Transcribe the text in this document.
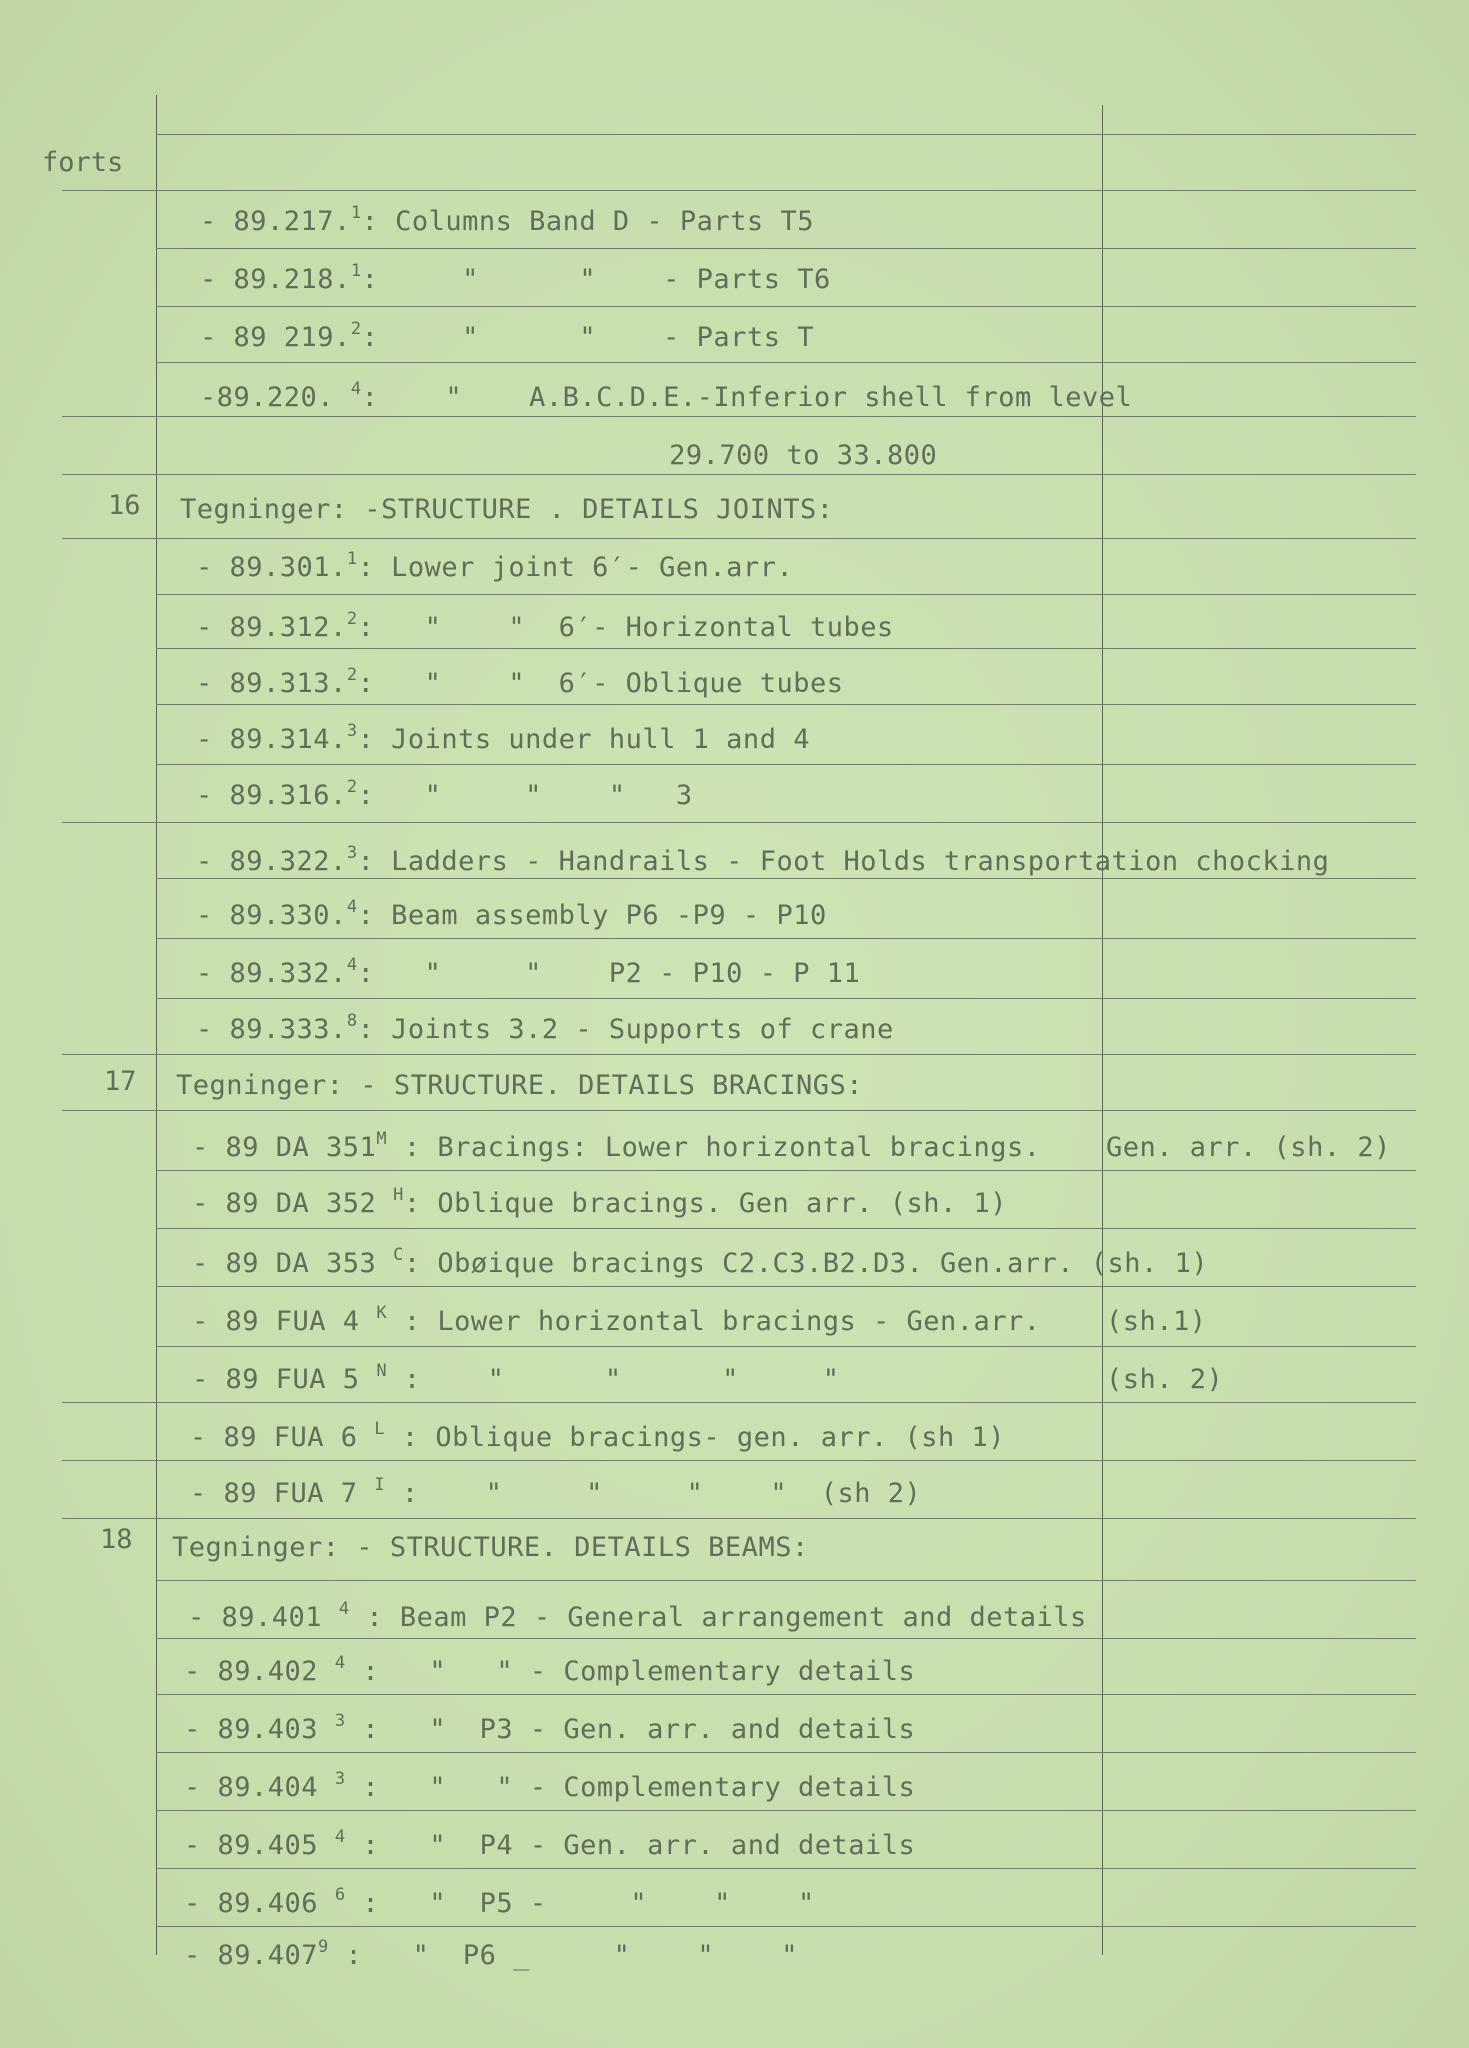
forts
- 89.217.$^1$: Columns Band D - Parts T5
- 89.218.$^1$:     "      "    - Parts T6
- 89 219.$^2$:     "      "    - Parts T
-89.220. $^4$:    "    A.B.C.D.E.-Inferior shell from level
29.700 to 33.800
16 Tegninger: -STRUCTURE . DETAILS JOINTS:
- 89.301.$^1$: Lower joint 6′- Gen.arr.
- 89.312.$^2$:   "    "  6′- Horizontal tubes
- 89.313.$^2$:   "    "  6′- Oblique tubes
- 89.314.$^3$: Joints under hull 1 and 4
- 89.316.$^2$:   "     "    "   3
- 89.322.$^3$: Ladders - Handrails - Foot Holds transportation chocking
- 89.330.$^4$: Beam assembly P6 -P9 - P10
- 89.332.$^4$:   "     "    P2 - P10 - P 11
- 89.333.$^8$: Joints 3.2 - Supports of crane
17 Tegninger: - STRUCTURE. DETAILS BRACINGS:
- 89 DA $351^M$ : Bracings: Lower horizontal bracings. Gen. arr. (sh. 2)
- 89 DA 352 $^H$: Oblique bracings. Gen arr. (sh. 1)
- 89 DA 353 $^C$: Obøique bracings C2.C3.B2.D3. Gen.arr. (sh. 1)
- 89 FUA 4 $^K$ : Lower horizontal bracings - Gen.arr. (sh.1)
- 89 FUA 5 $^N$ :    "      "      "     "	(sh. 2)
- 89 FUA 6 $^L$ : Oblique bracings- gen. arr. (sh 1)
- 89 FUA 7 $^I$ :    "     "     "    "  (sh 2)
18 Tegninger: - STRUCTURE. DETAILS BEAMS:
- 89.401 $^4$ : Beam P2 - General arrangement and details
- 89.402 $^4$ :   "   " - Complementary details
- 89.403 $^3$ :   "  P3 - Gen. arr. and details
- 89.404 $^3$ :   "   " - Complementary details
- 89.405 $^4$ :   "  P4 - Gen. arr. and details
- 89.406 $^6$ :   "  P5 -     "    "    "
- 89.407$^9$ :   "  P6 _     "    "    "
